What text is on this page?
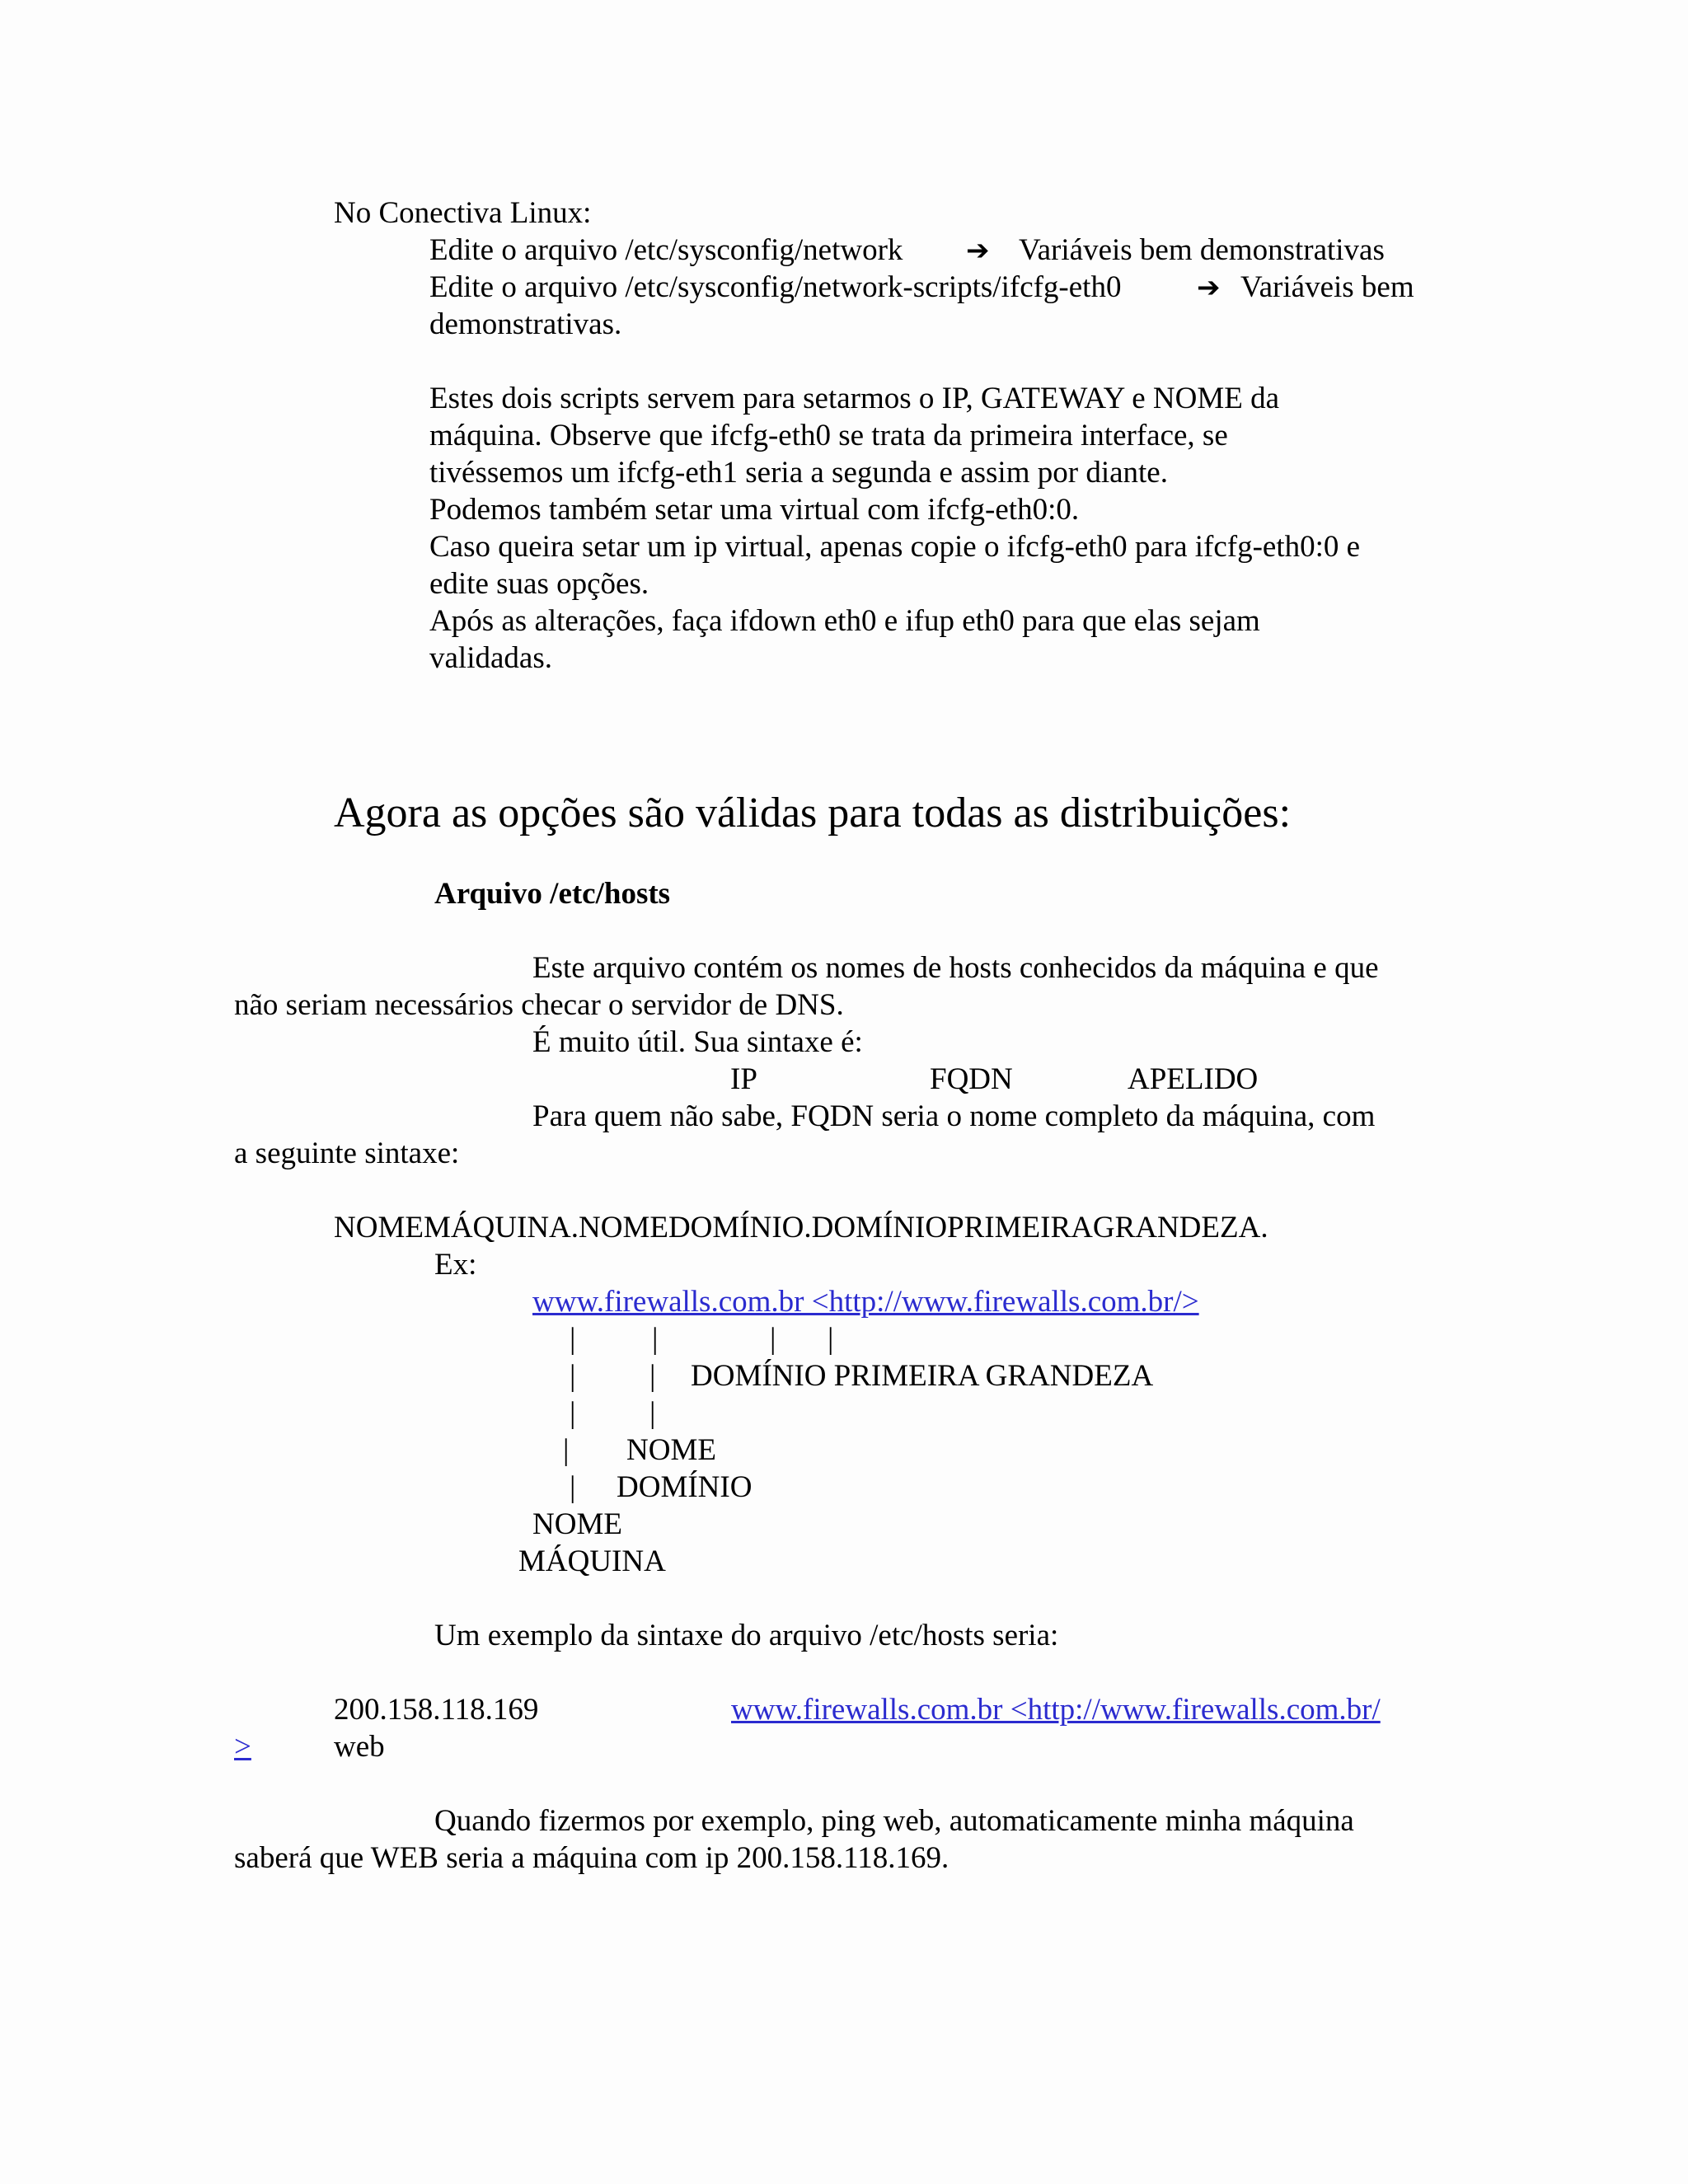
No Conectiva Linux:
Edite o arquivo /etc/sysconfig/network ➔ Variáveis bem demonstrativas
Edite o arquivo /etc/sysconfig/network-scripts/ifcfg-eth0	➔ Variáveis bem
demonstrativas.
Estes dois scripts servem para setarmos o IP, GATEWAY e NOME da
máquina. Observe que ifcfg-eth0 se trata da primeira interface, se
tivéssemos um ifcfg-eth1 seria a segunda e assim por diante.
Podemos também setar uma virtual com ifcfg-eth0:0.
Caso queira setar um ip virtual, apenas copie o ifcfg-eth0 para ifcfg-eth0:0 e
edite suas opções.
Após as alterações, faça ifdown eth0 e ifup eth0 para que elas sejam
validadas.
Agora as opções são válidas para todas as distribuições:
Arquivo /etc/hosts
Este arquivo contém os nomes de hosts conhecidos da máquina e que
não seriam necessários checar o servidor de DNS.
É muito útil. Sua sintaxe é:
IP	FQDN	APELIDO
Para quem não sabe, FQDN seria o nome completo da máquina, com
a seguinte sintaxe:
NOMEMÁQUINA.NOMEDOMÍNIO.DOMÍNIOPRIMEIRAGRANDEZA.
Ex:
www.firewalls.com.br <http://www.firewalls.com.br/>
|	|	| |
| | DOMÍNIO PRIMEIRA GRANDEZA
| |
| NOME
| DOMÍNIO
NOME
MÁQUINA
Um exemplo da sintaxe do arquivo /etc/hosts seria:
200.158.118.169	www.firewalls.com.br <http://www.firewalls.com.br/
>	web
Quando fizermos por exemplo, ping web, automaticamente minha máquina
saberá que WEB seria a máquina com ip 200.158.118.169.
